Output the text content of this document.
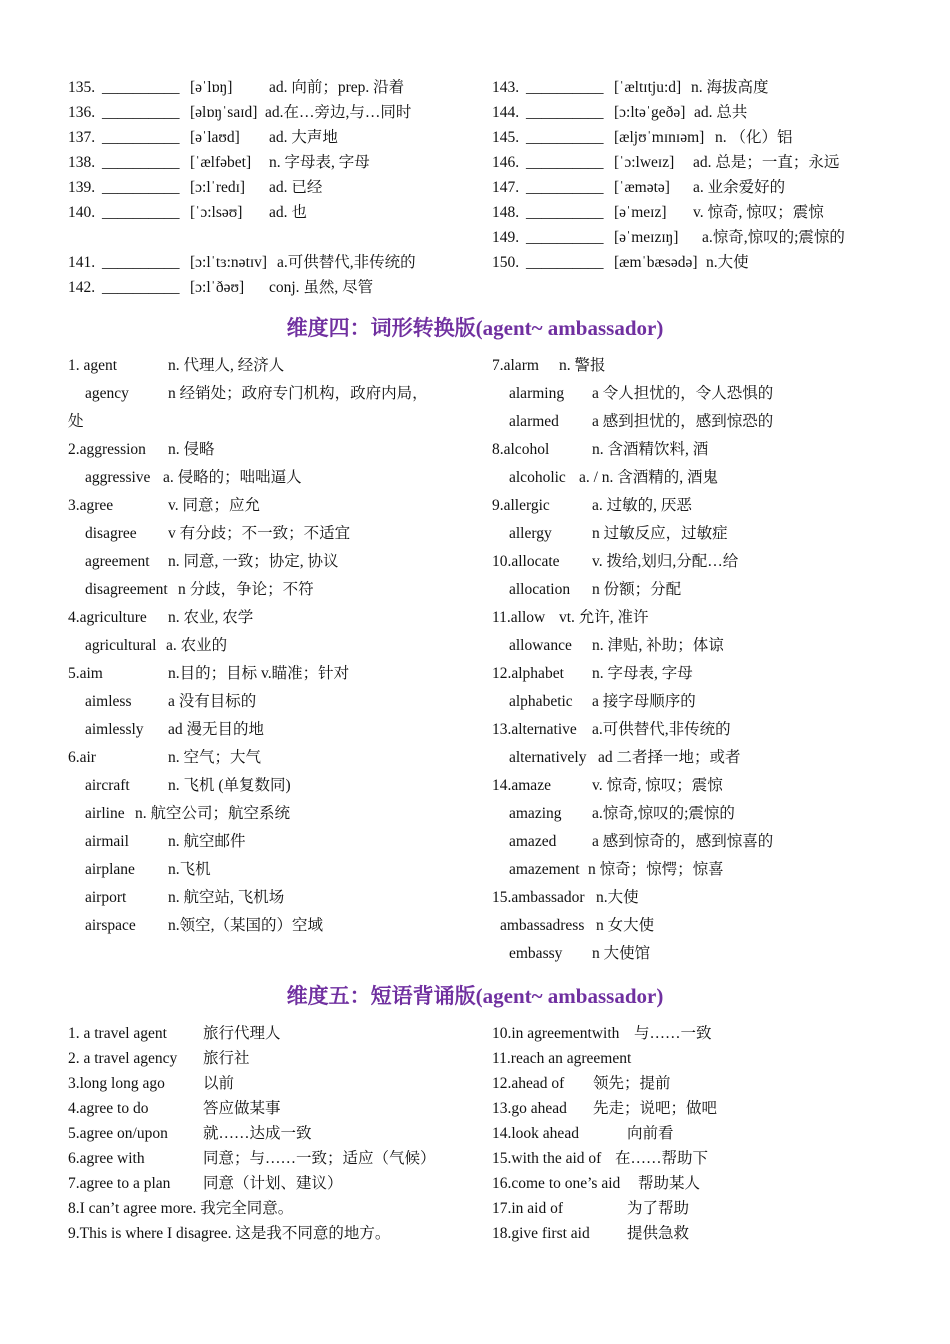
135. __________ [əˈlɒŋ] ad. 向前；prep. 沿着
136. __________ [əlɒŋˈsaɪd] ad.在…旁边,与…同时
137. __________ [əˈlaʊd] ad. 大声地
138. __________ [ˈælfəbet] n. 字母表, 字母
139. __________ [ɔ:lˈredɪ] ad. 已经
140. __________ [ˈɔ:lsəʊ] ad. 也
141. __________ [ɔ:lˈtɜ:nətɪv] a.可供替代,非传统的
142. __________ [ɔ:lˈðəʊ] conj. 虽然, 尽管
143. __________ [ˈæltɪtju:d] n. 海拔高度
144. __________ [ɔ:ltəˈgeðə] ad. 总共
145. __________ [æljʊˈmɪnɪəm] n. （化）铝
146. __________ [ˈɔ:lweɪz] ad. 总是；一直；永远
147. __________ [ˈæmətə] a. 业余爱好的
148. __________ [əˈmeɪz] v. 惊奇, 惊叹；震惊
149. __________ [əˈmeɪzɪŋ] a.惊奇,惊叹的;震惊的
150. __________ [æmˈbæsədə] n.大使
维度四：词形转换版(agent~ ambassador)
1. agent	n. 代理人, 经济人
agency	n 经销处；政府专门机构，政府内局，
处
2.aggression n. 侵略
aggressive a. 侵略的；咄咄逼人
3.agree	v. 同意；应允
disagree v 有分歧；不一致；不适宜
agreement n. 同意, 一致；协定, 协议
disagreement n 分歧，争论；不符
4.agriculture n. 农业, 农学
agricultural a. 农业的
5.aim	n.目的；目标 v.瞄准；针对
aimless a 没有目标的
aimlessly ad 漫无目的地
6.air	n. 空气；大气
aircraft n. 飞机 (单复数同)
airline n. 航空公司；航空系统
airmail	n. 航空邮件
airplane n.飞机
airport	n. 航空站, 飞机场
airspace n.领空,（某国的）空域
7.alarm n. 警报
alarming a 令人担忧的，令人恐惧的
alarmed a 感到担忧的，感到惊恐的
8.alcohol	n. 含酒精饮料, 酒
alcoholic a. / n. 含酒精的, 酒鬼
9.allergic	a. 过敏的, 厌恶
allergy	n 过敏反应，过敏症
10.allocate v. 拨给,划归,分配…给
allocation n 份额；分配
11.allow vt. 允许, 准许
allowance n. 津贴, 补助；体谅
12.alphabet n. 字母表, 字母
alphabetic a 接字母顺序的
13.alternative a.可供替代,非传统的
alternatively ad 二者择一地；或者
14.amaze	v. 惊奇, 惊叹；震惊
amazing a.惊奇,惊叹的;震惊的
amazed a 感到惊奇的，感到惊喜的
amazement n 惊奇；惊愕；惊喜
15.ambassador n.大使
ambassadress n 女大使
embassy n 大使馆
维度五：短语背诵版(agent~ ambassador)
1. a travel agent 旅行代理人
2. a travel agency 旅行社
3.long long ago 以前
4.agree to do	答应做某事
5.agree on/upon 就……达成一致
6.agree with	同意；与……一致；适应（气候）
7.agree to a plan 同意（计划、建议）
8.I can’t agree more. 我完全同意。
9.This is where I disagree. 这是我不同意的地方。
10.in agreementwith 与……一致
11.reach an agreement
12.ahead of 领先；提前
13.go ahead 先走；说吧；做吧
14.look ahead	向前看
15.with the aid of 在……帮助下
16.come to one’s aid 帮助某人
17.in aid of	为了帮助
18.give first aid 提供急救
